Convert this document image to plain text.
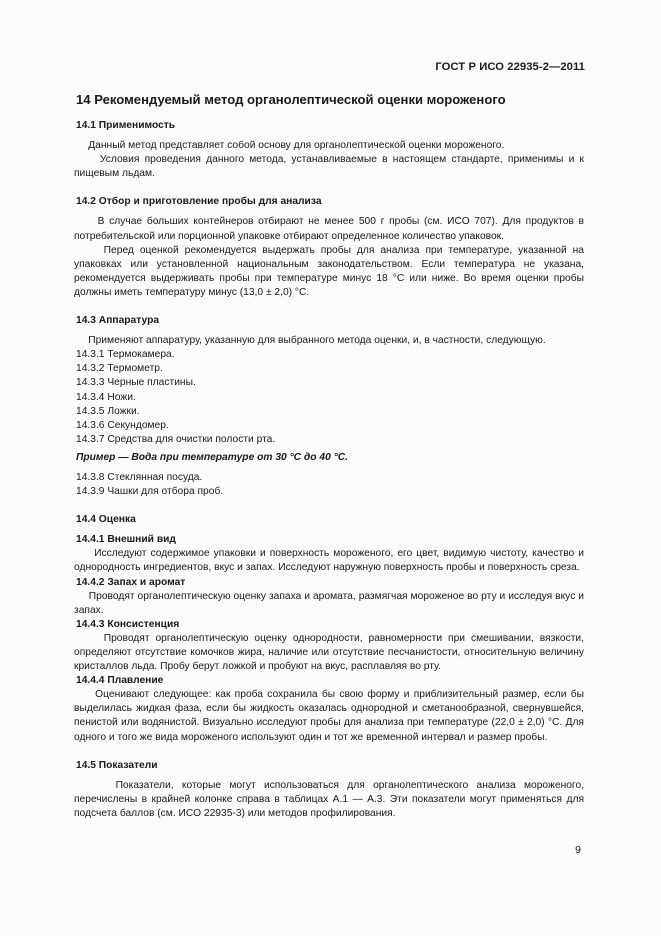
ГОСТ Р ИСО 22935-2—2011
14 Рекомендуемый метод органолептической оценки мороженого
14.1 Применимость

Данный метод представляет собой основу для органолептической оценки мороженого.

Условия проведения данного метода, устанавливаемые в настоящем стандарте, применимы и к пищевым льдам.

14.2 Отбор и приготовление пробы для анализа

В случае больших контейнеров отбирают не менее 500 г пробы (см. ИСО 707). Для продуктов в потребительской или порционной упаковке отбирают определенное количество упаковок.

Перед оценкой рекомендуется выдержать пробы для анализа при температуре, указанной на упаковках или установленной национальным законодательством. Если температура не указана, рекомендуется выдерживать пробы при температуре минус 18 °С или ниже. Во время оценки пробы должны иметь температуру минус (13,0 ± 2,0) °С.

14.3 Аппаратура

Применяют аппаратуру, указанную для выбранного метода оценки, и, в частности, следующую.

14.3.1 Термокамера.
14.3.2 Термометр.
14.3.3 Черные пластины.
14.3.4 Ножи.
14.3.5 Ложки.
14.3.6 Секундомер.
14.3.7 Средства для очистки полости рта.
Пример — Вода при температуре от 30 °С до 40 °С.
14.3.8 Стеклянная посуда.
14.3.9 Чашки для отбора проб.
14.4 Оценка
14.4.1 Внешний вид

Исследуют содержимое упаковки и поверхность мороженого, его цвет, видимую чистоту, качество и однородность ингредиентов, вкус и запах. Исследуют наружную поверхность пробы и поверхность среза.

14.4.2 Запах и аромат

Проводят органолептическую оценку запаха и аромата, размягчая мороженое во рту и исследуя вкус и запах.

14.4.3 Консистенция

Проводят органолептическую оценку однородности, равномерности при смешивании, вязкости, определяют отсутствие комочков жира, наличие или отсутствие песчанистости, относительную величину кристаллов льда. Пробу берут ложкой и пробуют на вкус, расплавляя во рту.

14.4.4 Плавление

Оценивают следующее: как проба сохранила бы свою форму и приблизительный размер, если бы выделилась жидкая фаза, если бы жидкость оказалась однородной и сметанообразной, свернувшейся, пенистой или водянистой. Визуально исследуют пробы для анализа при температуре (22,0 ± 2,0) °С. Для одного и того же вида мороженого используют один и тот же временной интервал и размер пробы.

14.5 Показатели

Показатели, которые могут использоваться для органолептического анализа мороженого, перечислены в крайней колонке справа в таблицах А.1 — А.3. Эти показатели могут применяться для подсчета баллов (см. ИСО 22935-3) или методов профилирования.

9
